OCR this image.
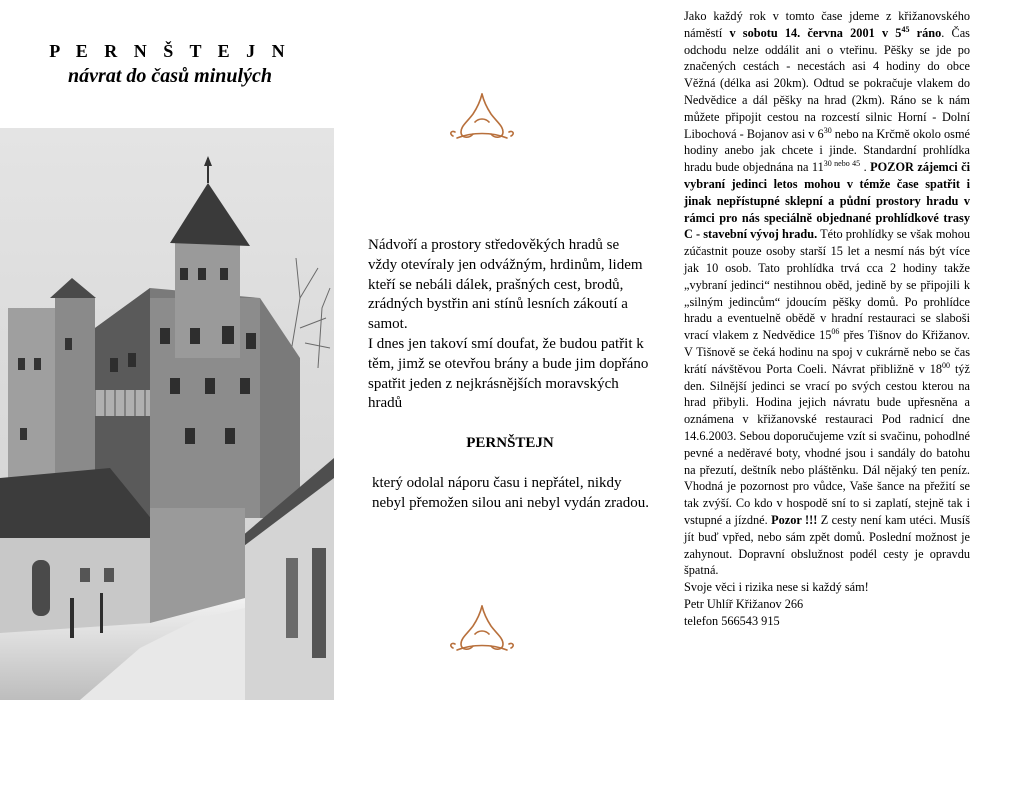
P E R N Š T E J N
návrat do časů minulých
L.P. 2003

Nádvoří a prostory středověkých hradů se vždy otevíraly jen odvážným, hrdinům, lidem kteří se nebáli dálek, prašných cest, brodů, zrádných bystřin ani stínů lesních zákoutí a samot.

I dnes jen takoví smí doufat, že budou patřit k těm, jimž se otevřou brány a bude jim dopřáno spatřit jeden z nejkrásnějších moravských hradů

PERNŠTEJN

který odolal náporu času i nepřátel, nikdy nebyl přemožen silou ani nebyl vydán zradou.

Jako každý rok v tomto čase jdeme z křižanovského náměstí v sobotu 14. června 2001 v $5^{45}$ ráno. Čas odchodu nelze oddálit ani o vteřinu. Pěšky se jde po značených cestách - necestách asi 4 hodiny do obce Věžná (délka asi 20km). Odtud se pokračuje vlakem do Nedvědice a dál pěšky na hrad (2km). Ráno se k nám můžete připojit cestou na rozcestí silnic Horní - Dolní Libochová - Bojanov asi v $6^{30}$ nebo na Krčmě okolo osmé hodiny anebo jak chcete i jinde. Standardní prohlídka hradu bude objednána na $11^{30 nebo 45}$ . POZOR zájemci či vybraní jedinci letos mohou v témže čase spatřit i jinak nepřístupné sklepní a půdní prostory hradu v rámci pro nás speciálně objednané prohlídkové trasy C - stavební vývoj hradu. Této prohlídky se však mohou zúčastnit pouze osoby starší 15 let a nesmí nás být více jak 10 osob. Tato prohlídka trvá cca 2 hodiny takže „vybraní jedinci“ nestihnou oběd, jedině by se připojili k „silným jedincům“ jdoucím pěšky domů. Po prohlídce hradu a eventuelně obědě v hradní restauraci se slaboši vrací vlakem z Nedvědice $15^{06}$ přes Tišnov do Křižanov. V Tišnově se čeká hodinu na spoj v cukrárně nebo se čas krátí návštěvou Porta Coeli. Návrat přibližně v $18^{00}$ týž den. Silnější jedinci se vrací po svých cestou kterou na hrad přibyli. Hodina jejich návratu bude upřesněna a oznámena v křižanovské restauraci Pod radnicí dne 14.6.2003. Sebou doporučujeme vzít si svačinu, pohodlné pevné a neděravé boty, vhodné jsou i sandály do batohu na přezutí, deštník nebo pláštěnku. Dál nějaký ten peníz. Vhodná je pozornost pro vůdce, Vaše šance na přežití se tak zvýší. Co kdo v hospodě sní to si zaplatí, stejně tak i vstupné a jízdné. Pozor !!! Z cesty není kam utéci. Musíš jít buď vpřed, nebo sám zpět domů. Poslední možnost je zahynout. Dopravní obslužnost podél cesty je opravdu špatná.

Svoje věci i rizika nese si každý sám!

Petr Uhlíř Křižanov 266

telefon 566543 915
